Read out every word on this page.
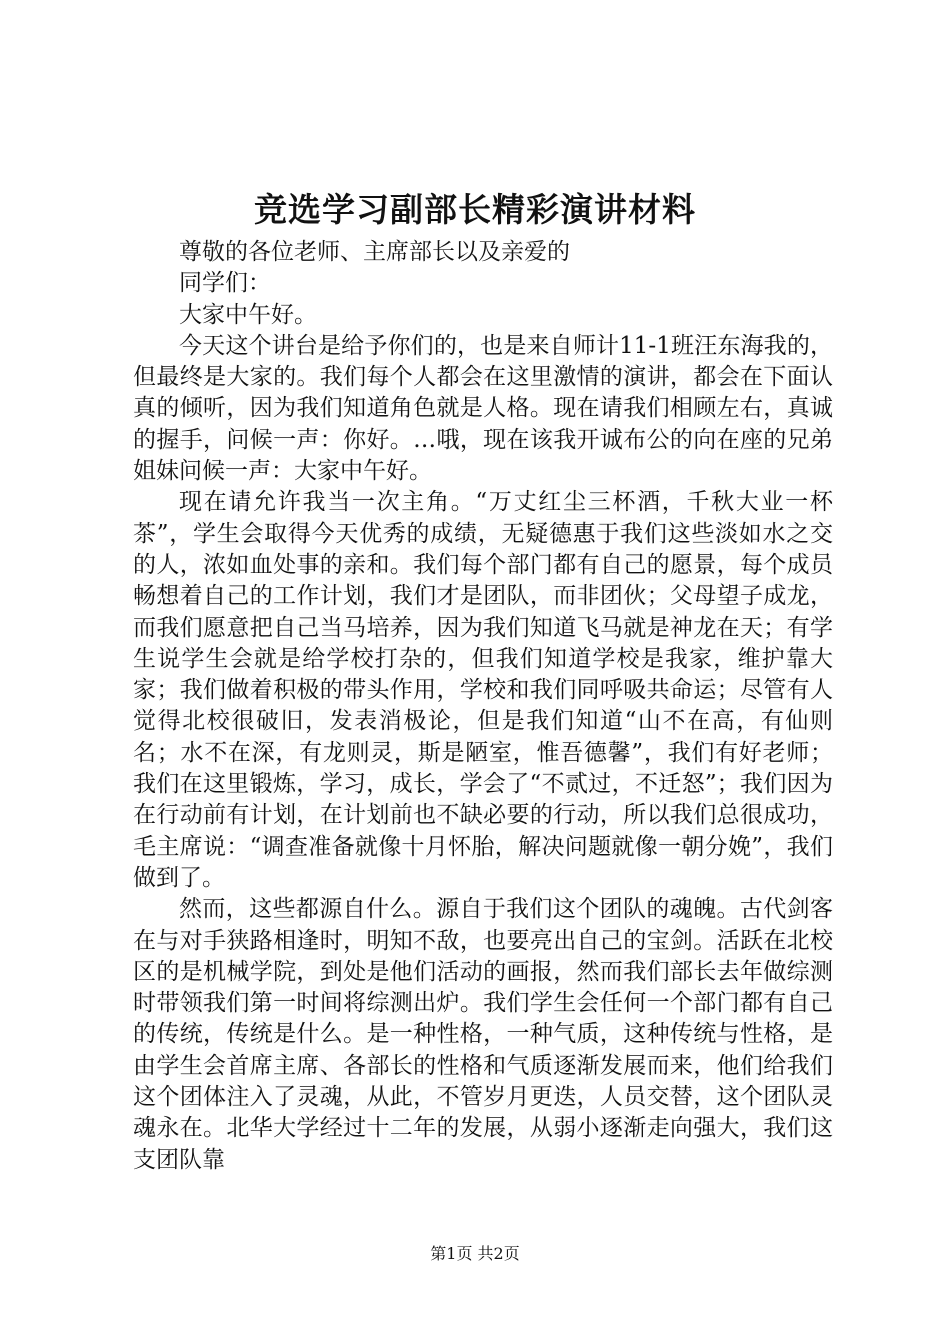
竞选学习副部长精彩演讲材料

尊敬的各位老师、主席部长以及亲爱的

同学们：

大家中午好。

今天这个讲台是给予你们的，也是来自师计11-1班汪东海我的，但最终是大家的。我们每个人都会在这里激情的演讲，都会在下面认真的倾听，因为我们知道角色就是人格。现在请我们相顾左右，真诚的握手，问候一声：你好。…哦，现在该我开诚布公的向在座的兄弟姐妹问候一声：大家中午好。

现在请允许我当一次主角。“万丈红尘三杯酒，千秋大业一杯茶”，学生会取得今天优秀的成绩，无疑德惠于我们这些淡如水之交的人，浓如血处事的亲和。我们每个部门都有自己的愿景，每个成员畅想着自己的工作计划，我们才是团队，而非团伙；父母望子成龙，而我们愿意把自己当马培养，因为我们知道飞马就是神龙在天；有学生说学生会就是给学校打杂的，但我们知道学校是我家，维护靠大家；我们做着积极的带头作用，学校和我们同呼吸共命运；尽管有人觉得北校很破旧，发表消极论，但是我们知道“山不在高，有仙则名；水不在深，有龙则灵，斯是陋室，惟吾德馨”，我们有好老师；我们在这里锻炼，学习，成长，学会了“不贰过，不迁怒”；我们因为在行动前有计划，在计划前也不缺必要的行动，所以我们总很成功，毛主席说：“调查准备就像十月怀胎，解决问题就像一朝分娩”，我们做到了。

然而，这些都源自什么。源自于我们这个团队的魂魄。古代剑客在与对手狭路相逢时，明知不敌，也要亮出自己的宝剑。活跃在北校区的是机械学院，到处是他们活动的画报，然而我们部长去年做综测时带领我们第一时间将综测出炉。我们学生会任何一个部门都有自己的传统，传统是什么。是一种性格，一种气质，这种传统与性格，是由学生会首席主席、各部长的性格和气质逐渐发展而来，他们给我们这个团体注入了灵魂，从此，不管岁月更迭，人员交替，这个团队灵魂永在。北华大学经过十二年的发展，从弱小逐渐走向强大，我们这支团队靠

第1页 共2页
